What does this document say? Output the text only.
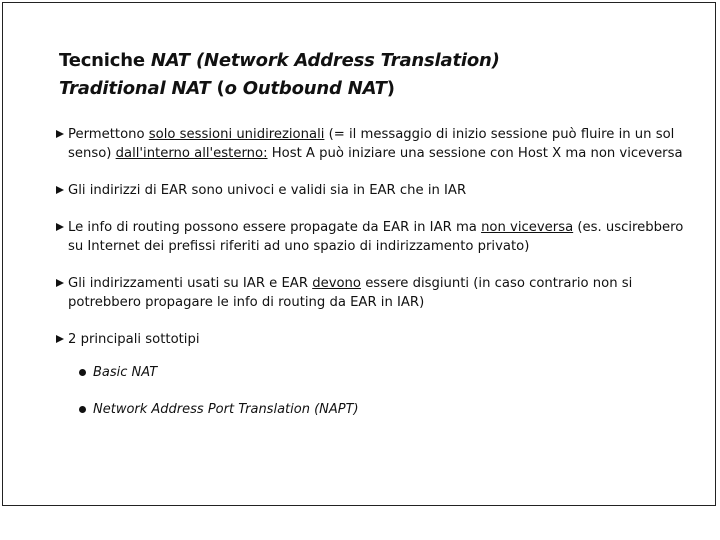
Tecniche NAT (Network Address Translation)
Traditional NAT (o Outbound NAT)
Permettono solo sessioni unidirezionali (= il messaggio di inizio sessione può fluire in un sol senso) dall'interno all'esterno: Host A può iniziare una sessione con Host X ma non viceversa
Gli indirizzi di EAR sono univoci e validi sia in EAR che in IAR
Le info di routing possono essere propagate da EAR in IAR ma non viceversa (es. uscirebbero su Internet dei prefissi riferiti ad uno spazio di indirizzamento privato)
Gli indirizzamenti usati su IAR e EAR devono essere disgiunti (in caso contrario non si potrebbero propagare le info di routing da EAR in IAR)
2 principali sottotipi
Basic NAT
Network Address Port Translation (NAPT)
